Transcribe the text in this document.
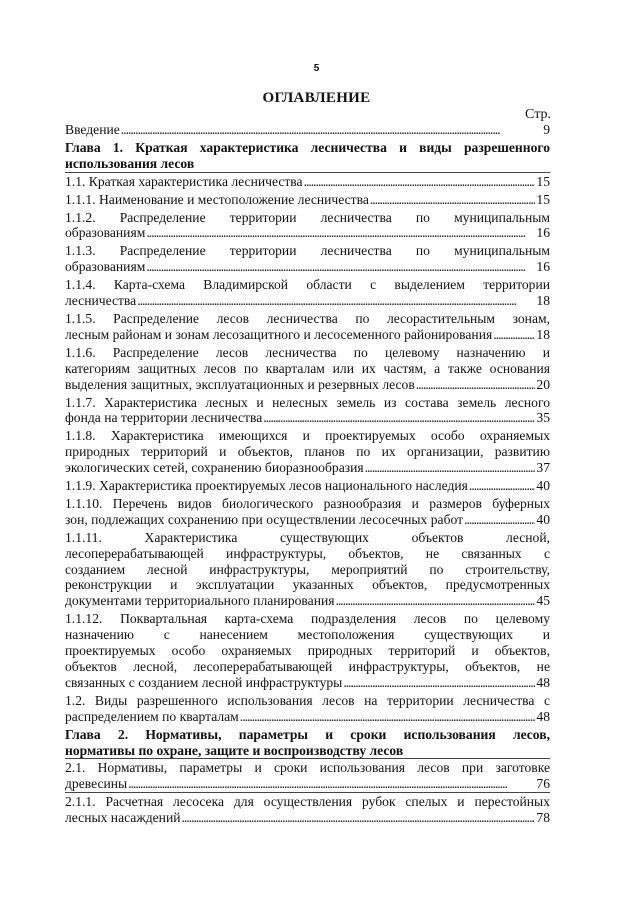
5
ОГЛАВЛЕНИЕ
Стр.
Введение . . .	9
Глава 1. Краткая характеристика лесничества и виды разрешенного
использования лесов
1.1. Краткая характеристика лесничества . . .	15
1.1.1. Наименование и местоположение лесничества . . .	15
1.1.2. Распределение территории лесничества по муниципальным
образованиям . . .	16
1.1.3. Распределение территории лесничества по муниципальным
образованиям . . .	16
1.1.4. Карта-схема Владимирской области с выделением территории
лесничества . . .	18
1.1.5. Распределение лесов лесничества по лесорастительным зонам,
лесным районам и зонам лесозащитного и лесосеменного районирования . . .	18
1.1.6. Распределение лесов лесничества по целевому назначению и
категориям защитных лесов по кварталам или их частям, а также основания
выделения защитных, эксплуатационных и резервных лесов . . .	20
1.1.7. Характеристика лесных и нелесных земель из состава земель лесного
фонда на территории лесничества . . .	35
1.1.8. Характеристика имеющихся и проектируемых особо охраняемых
природных территорий и объектов, планов по их организации, развитию
экологических сетей, сохранению биоразнообразия . . .	37
1.1.9. Характеристика проектируемых лесов национального наследия . . .	40
1.1.10. Перечень видов биологического разнообразия и размеров буферных
зон, подлежащих сохранению при осуществлении лесосечных работ . . .	40
1.1.11. Характеристика существующих объектов лесной,
лесоперерабатывающей инфраструктуры, объектов, не связанных с
созданием лесной инфраструктуры, мероприятий по строительству,
реконструкции и эксплуатации указанных объектов, предусмотренных
документами территориального планирования . . .	45
1.1.12. Поквартальная карта-схема подразделения лесов по целевому
назначению с нанесением местоположения существующих и
проектируемых особо охраняемых природных территорий и объектов,
объектов лесной, лесоперерабатывающей инфраструктуры, объектов, не
связанных с созданием лесной инфраструктуры . . .	48
1.2. Виды разрешенного использования лесов на территории лесничества с
распределением по кварталам . . .	48
Глава 2. Нормативы, параметры и сроки использования лесов,
нормативы по охране, защите и воспроизводству лесов
2.1. Нормативы, параметры и сроки использования лесов при заготовке
древесины . . .	76
2.1.1. Расчетная лесосека для осуществления рубок спелых и перестойных
лесных насаждений . . .	78
